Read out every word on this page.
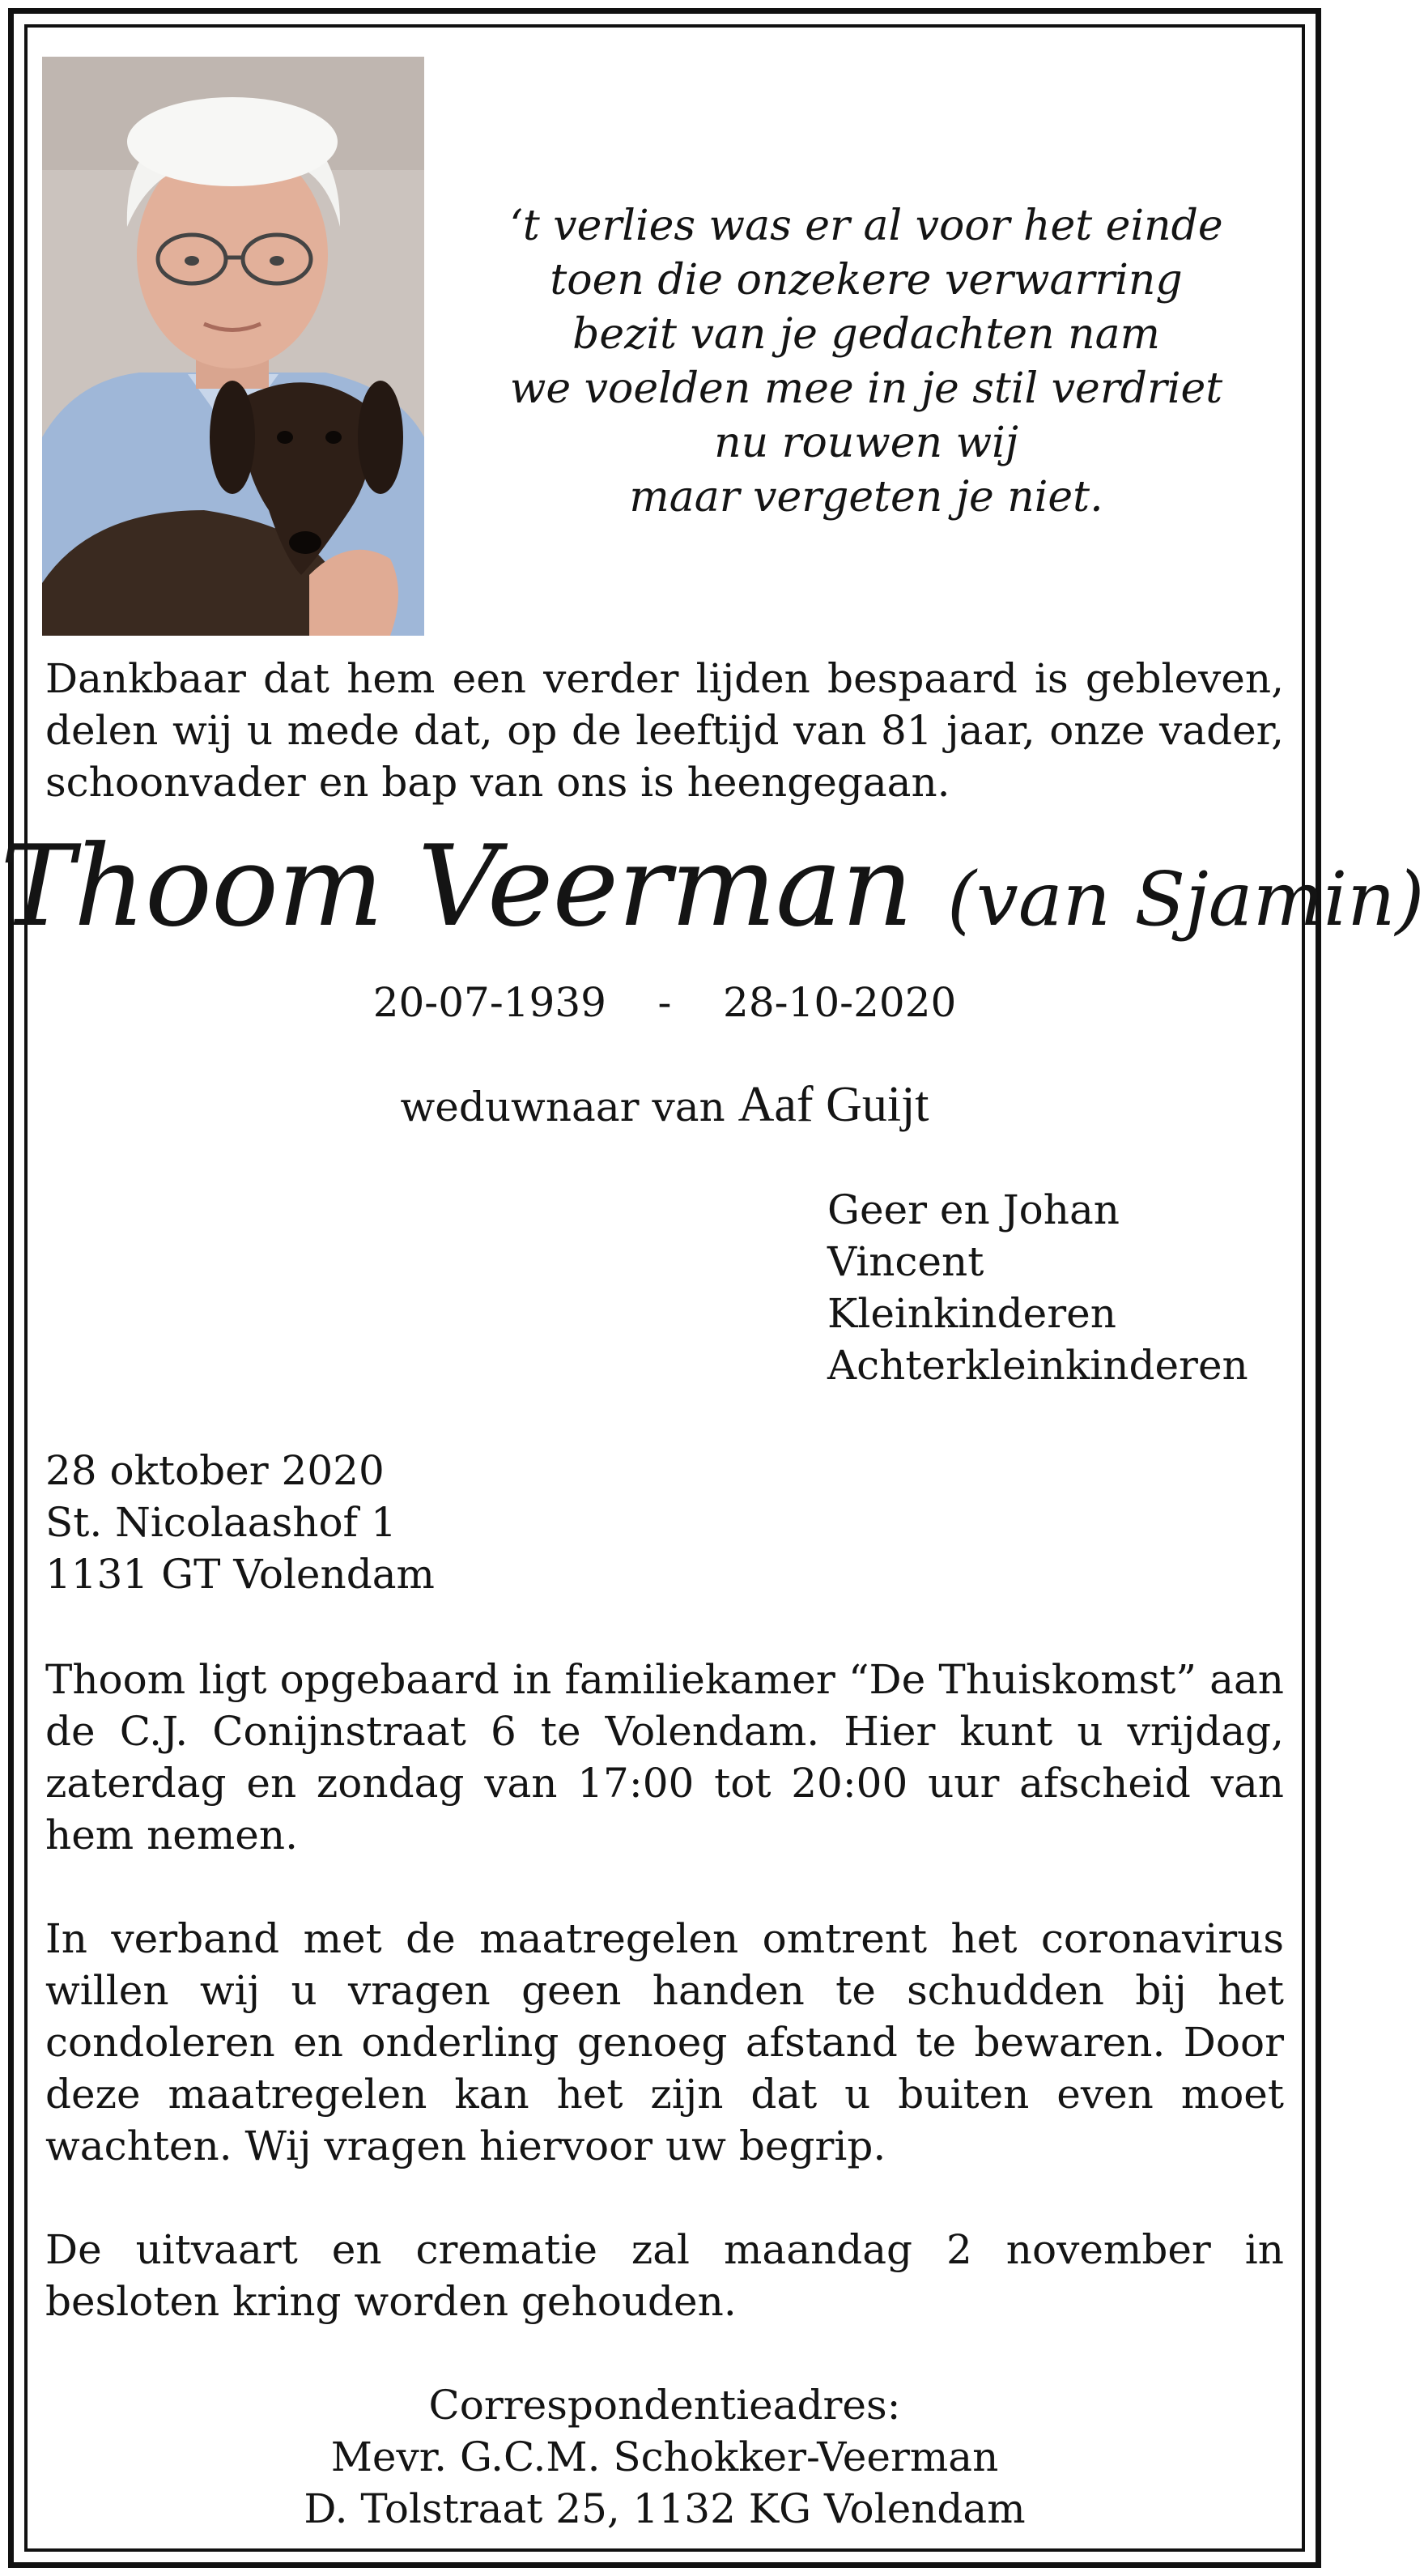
‘t verlies was er al voor het einde
toen die onzekere verwarring
bezit van je gedachten nam
we voelden mee in je stil verdriet
nu rouwen wij
maar vergeten je niet.
Dankbaar dat hem een verder lijden bespaard is gebleven, delen wij u mede dat, op de leeftijd van 81 jaar, onze vader, schoonvader en bap van ons is heengegaan.
Thoom Veerman (van Sjamin)
20-07-1939 - 28-10-2020
weduwnaar van Aaf Guijt
Geer en Johan
Vincent
Kleinkinderen
Achterkleinkinderen
28 oktober 2020
St. Nicolaashof 1
1131 GT Volendam
Thoom ligt opgebaard in familiekamer “De Thuiskomst” aan de C.J. Conijnstraat 6 te Volendam. Hier kunt u vrijdag, zaterdag en zondag van 17:00 tot 20:00 uur afscheid van hem nemen.
In verband met de maatregelen omtrent het coronavirus willen wij u vragen geen handen te schudden bij het condoleren en onderling genoeg afstand te bewaren. Door deze maatregelen kan het zijn dat u buiten even moet wachten. Wij vragen hiervoor uw begrip.
De uitvaart en crematie zal maandag 2 november in besloten kring worden gehouden.
Correspondentieadres:
Mevr. G.C.M. Schokker-Veerman
D. Tolstraat 25, 1132 KG Volendam
